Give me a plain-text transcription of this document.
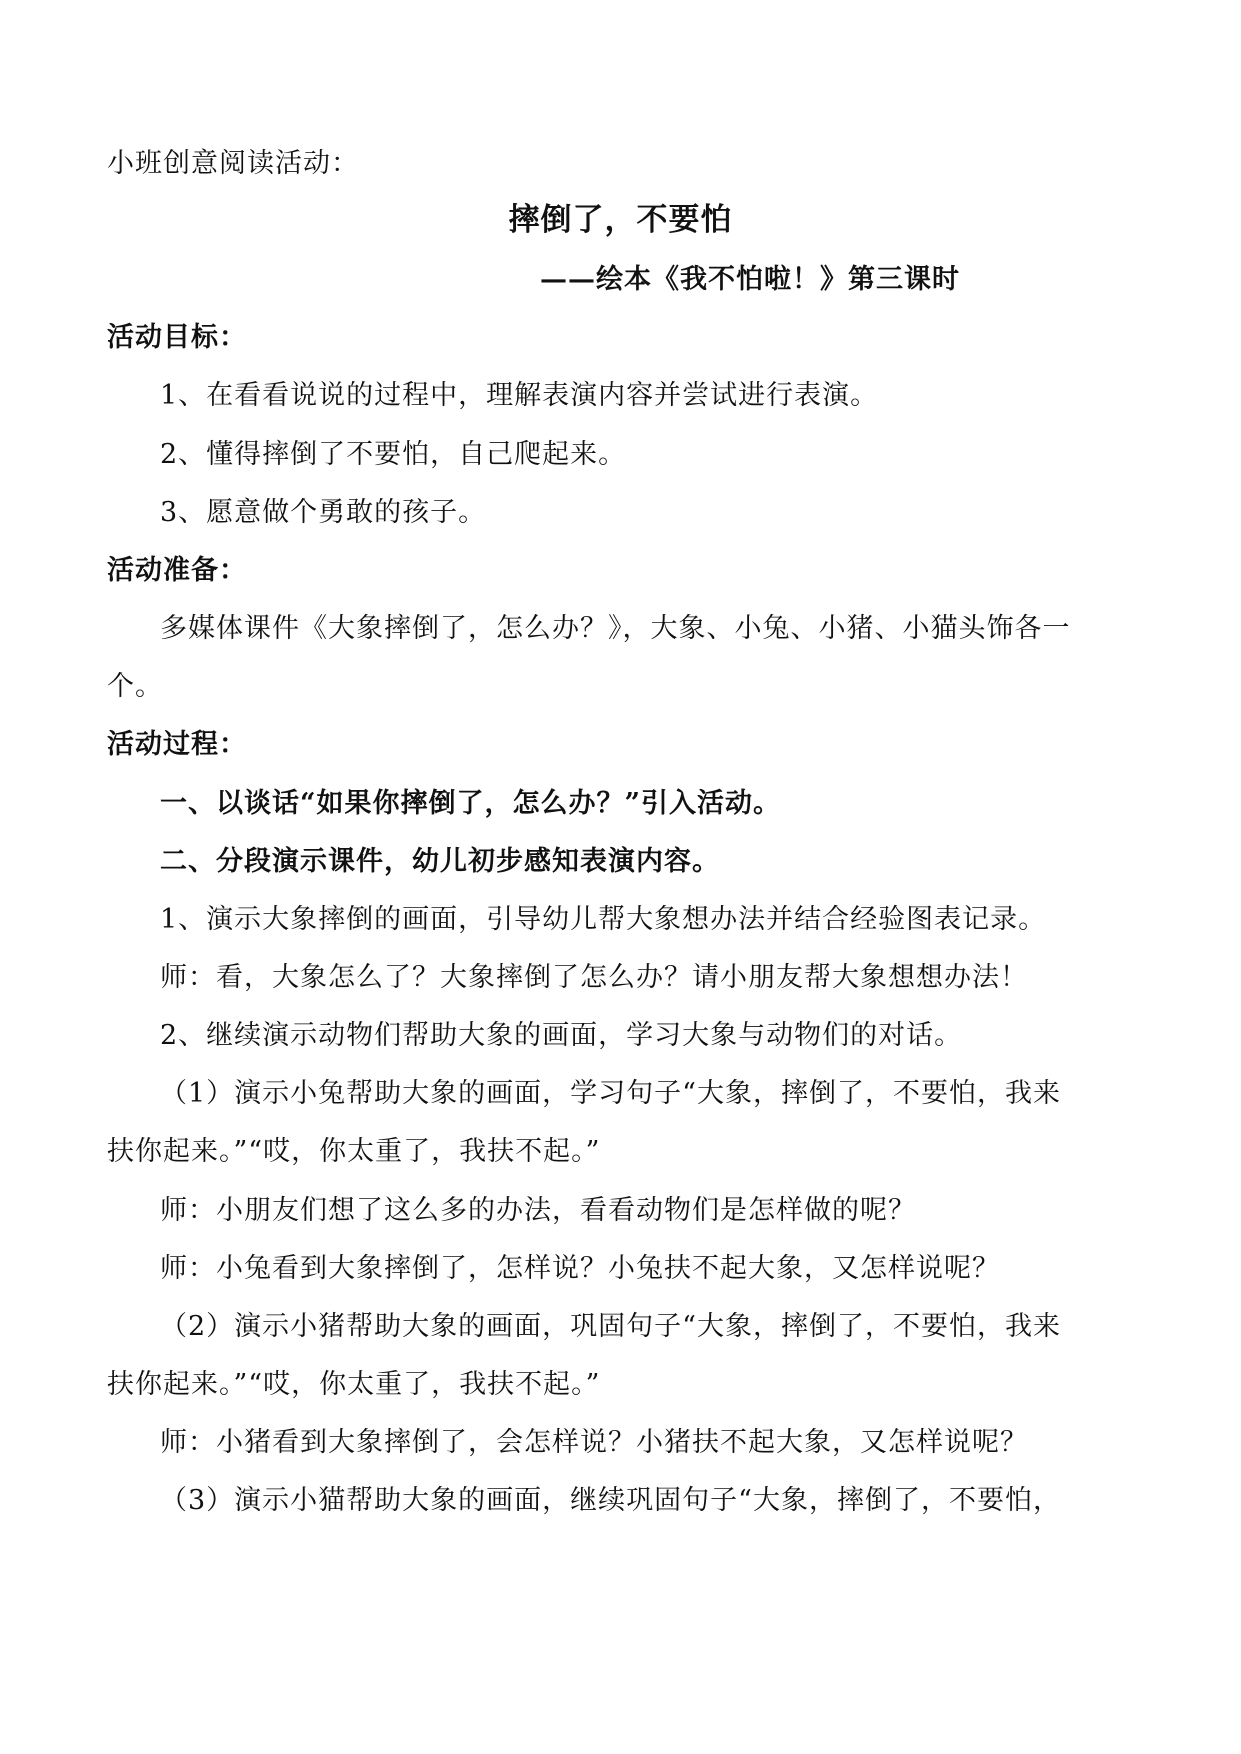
小班创意阅读活动：
摔倒了，不要怕
——绘本《我不怕啦！》第三课时
活动目标：
1、在看看说说的过程中，理解表演内容并尝试进行表演。
2、懂得摔倒了不要怕，自己爬起来。
3、愿意做个勇敢的孩子。
活动准备：
多媒体课件《大象摔倒了，怎么办？》，大象、小兔、小猪、小猫头饰各一
个。
活动过程：
一、以谈话“如果你摔倒了，怎么办？”引入活动。
二、分段演示课件，幼儿初步感知表演内容。
1、演示大象摔倒的画面，引导幼儿帮大象想办法并结合经验图表记录。
师：看，大象怎么了？大象摔倒了怎么办？请小朋友帮大象想想办法！
2、继续演示动物们帮助大象的画面，学习大象与动物们的对话。
（1）演示小兔帮助大象的画面，学习句子“大象，摔倒了，不要怕，我来
扶你起来。”“哎，你太重了，我扶不起。”
师：小朋友们想了这么多的办法，看看动物们是怎样做的呢？
师：小兔看到大象摔倒了，怎样说？小兔扶不起大象，又怎样说呢？
（2）演示小猪帮助大象的画面，巩固句子“大象，摔倒了，不要怕，我来
扶你起来。”“哎，你太重了，我扶不起。”
师：小猪看到大象摔倒了，会怎样说？小猪扶不起大象，又怎样说呢？
（3）演示小猫帮助大象的画面，继续巩固句子“大象，摔倒了，不要怕，
